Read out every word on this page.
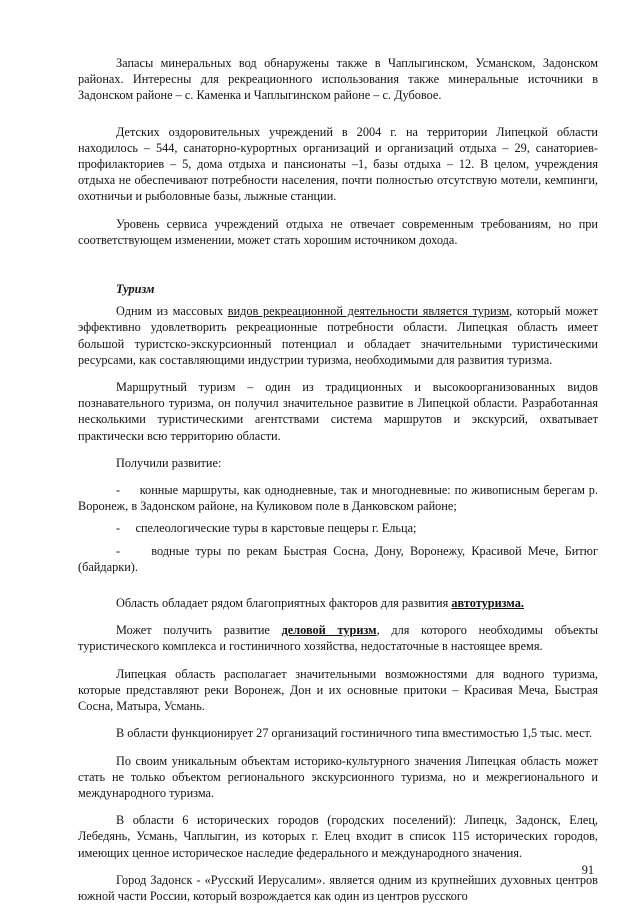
Запасы минеральных вод обнаружены также в Чаплыгинском, Усманском, Задонском районах. Интересны для рекреационного использования также минеральные источники в Задонском районе – с. Каменка и Чаплыгинском районе – с. Дубовое.

Детских оздоровительных учреждений в 2004 г. на территории Липецкой области находилось – 544, санаторно-курортных организаций и организаций отдыха – 29, санаториев-профилакториев – 5, дома отдыха и пансионаты –1, базы отдыха – 12. В целом, учреждения отдыха не обеспечивают потребности населения, почти полностью отсутствую мотели, кемпинги, охотничьи и рыболовные базы, лыжные станции.

Уровень сервиса учреждений отдыха не отвечает современным требованиям, но при соответствующем изменении, может стать хорошим источником дохода.

Туризм

Одним из массовых видов рекреационной деятельности является туризм, который может эффективно удовлетворить рекреационные потребности области. Липецкая область имеет большой туристско-экскурсионный потенциал и обладает значительными туристическими ресурсами, как составляющими индустрии туризма, необходимыми для развития туризма.

Маршрутный туризм – один из традиционных и высокоорганизованных видов познавательного туризма, он получил значительное развитие в Липецкой области. Разработанная несколькими туристическими агентствами система маршрутов и экскурсий, охватывает практически всю территорию области.

Получили развитие:

- конные маршруты, как однодневные, так и многодневные: по живописным берегам р. Воронеж, в Задонском районе, на Куликовом поле в Данковском районе;

- спелеологические туры в карстовые пещеры г. Ельца;

-	водные туры по рекам Быстрая Сосна, Дону, Воронежу, Красивой Мече, Битюг (байдарки).

Область обладает рядом благоприятных факторов для развития автотуризма.

Может получить развитие деловой туризм, для которого необходимы объекты туристического комплекса и гостиничного хозяйства, недостаточные в настоящее время.

Липецкая область располагает значительными возможностями для водного туризма, которые представляют реки Воронеж, Дон и их основные притоки – Красивая Меча, Быстрая Сосна, Матыра, Усмань.

В области функционирует 27 организаций гостиничного типа вместимостью 1,5 тыс. мест.

По своим уникальным объектам историко-культурного значения Липецкая область может стать не только объектом регионального экскурсионного туризма, но и межрегионального и международного туризма.

В области 6 исторических городов (городских поселений): Липецк, Задонск, Елец, Лебедянь, Усмань, Чаплыгин, из которых г. Елец входит в список 115 исторических городов, имеющих ценное историческое наследие федерального и международного значения.

Город Задонск - «Русский Иерусалим». является одним из крупнейших духовных центров южной части России, который возрождается как один из центров русского

91
